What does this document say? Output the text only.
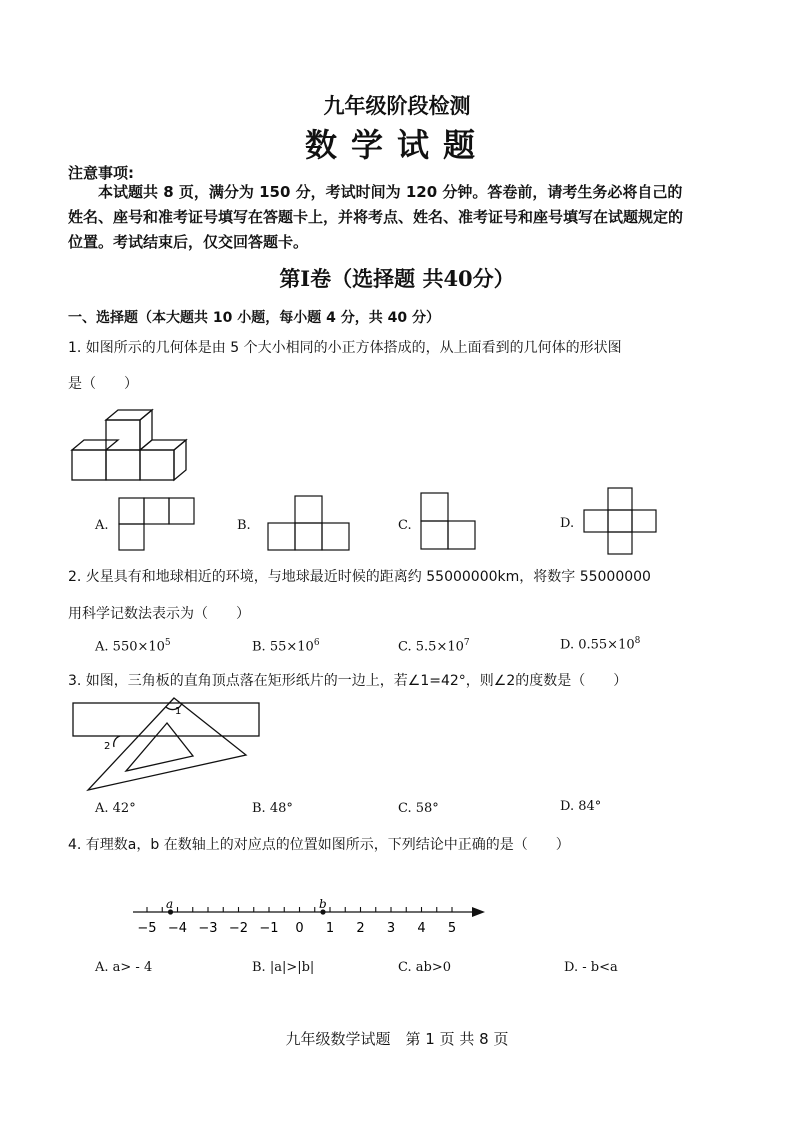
九年级阶段检测
数学试题
注意事项:
本试题共 8 页，满分为 150 分，考试时间为 120 分钟。答卷前，请考生务必将自己的姓名、座号和准考证号填写在答题卡上，并将考点、姓名、准考证号和座号填写在试题规定的位置。考试结束后，仅交回答题卡。
第Ⅰ卷（选择题 共40分）
一、选择题（本大题共 10 小题，每小题 4 分，共 40 分）
1. 如图所示的几何体是由 5 个大小相同的小正方体搭成的，从上面看到的几何体的形状图
是（　　）
A.	B.	C.	D.
2. 火星具有和地球相近的环境，与地球最近时候的距离约 55000000km，将数字 55000000
用科学记数法表示为（　　）
A. $550\times 10^5$	B. $55\times 10^6$	C. $5.5\times 10^7$	D. $0.55\times 10^8$
3. 如图，三角板的直角顶点落在矩形纸片的一边上，若∠1=42°，则∠2的度数是（　　）
1
2
A. 42°	B. 48°	C. 58°	D. 84°
4. 有理数a，b 在数轴上的对应点的位置如图所示，下列结论中正确的是（　　）
−5 −4 −3 −2 −1 0 1 2 3 4 5
a	b
A. a> - 4	B. |a|>|b|	C. ab>0	D. - b<a
九年级数学试题　第 1 页 共 8 页
